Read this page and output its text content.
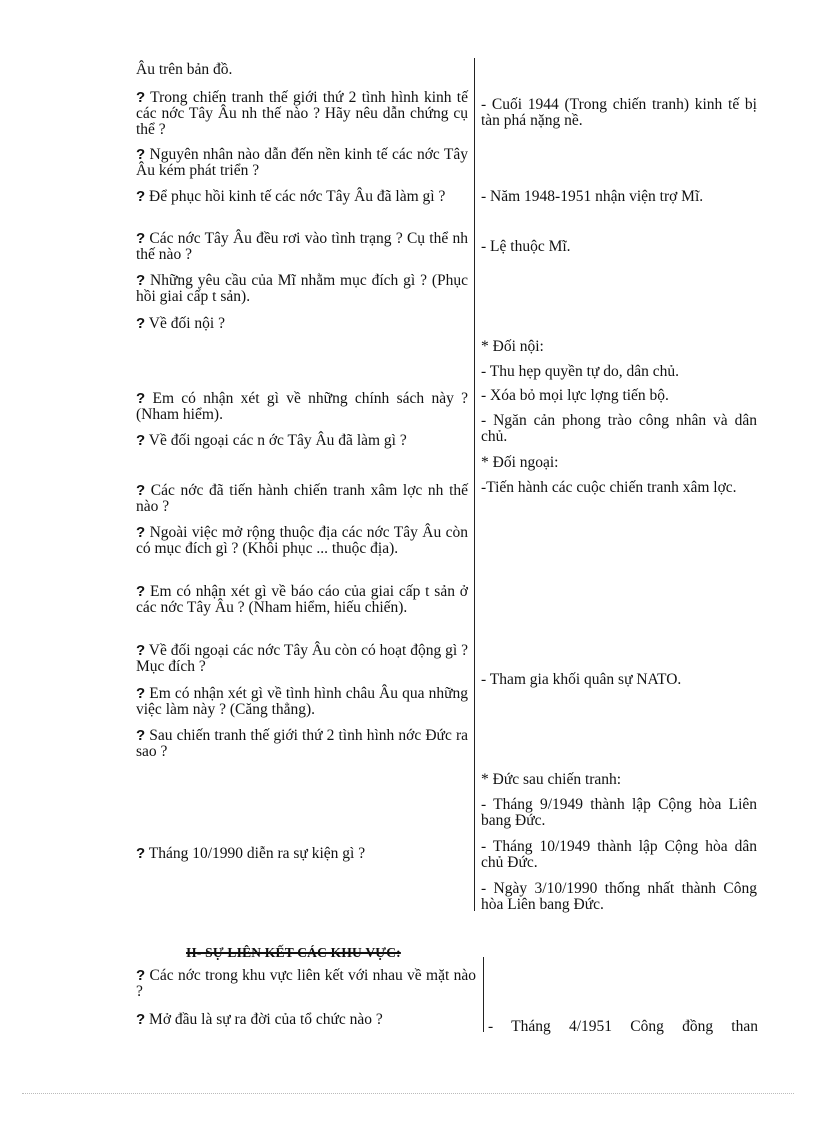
Âu trên bản đồ.

? Trong chiến tranh thế giới thứ 2 tình hình kinh tế các nớc Tây Âu nh thế nào ? Hãy nêu dẫn chứng cụ thể ?

? Nguyên nhân nào dẫn đến nền kinh tế các nớc Tây Âu kém phát triển ?

? Để phục hồi kinh tế các nớc Tây Âu đã làm gì ?

? Các nớc Tây Âu đều rơi vào tình trạng ? Cụ thể nh thế nào ?

? Những yêu cầu của Mĩ nhằm mục đích gì ? (Phục hồi giai cấp t sản).

? Về đối nội ?

? Em có nhận xét gì về những chính sách này ? (Nham hiểm).

? Về đối ngoại các n ớc Tây Âu đã làm gì ?

? Các nớc đã tiến hành chiến tranh xâm lợc nh thế nào ?

? Ngoài việc mở rộng thuộc địa các nớc Tây Âu còn có mục đích gì ? (Khôi phục ... thuộc địa).

? Em có nhận xét gì về báo cáo của giai cấp t sản ở các nớc Tây Âu ? (Nham hiểm, hiếu chiến).

? Về đối ngoại các nớc Tây Âu còn có hoạt động gì ? Mục đích ?

? Em có nhận xét gì về tình hình châu Âu qua những việc làm này ? (Căng thẳng).

? Sau chiến tranh thế giới thứ 2 tình hình nớc Đức ra sao ?

? Tháng 10/1990 diễn ra sự kiện gì ?

- Cuối 1944 (Trong chiến tranh) kinh tế bị tàn phá nặng nề.

- Năm 1948-1951 nhận viện trợ Mĩ.

- Lệ thuộc Mĩ.

* Đối nội:

- Thu hẹp quyền tự do, dân chủ.

- Xóa bỏ mọi lực lợng tiến bộ.

- Ngăn cản phong trào công nhân và dân chủ.

* Đối ngoại:

-Tiến hành các cuộc chiến tranh xâm lợc.

- Tham gia khối quân sự NATO.

* Đức sau chiến tranh:

- Tháng 9/1949 thành lập Cộng hòa Liên bang Đức.

- Tháng 10/1949 thành lập Cộng hòa dân chủ Đức.

- Ngày 3/10/1990 thống nhất thành Công hòa Liên bang Đức.

II- SỰ LIÊN KẾT CÁC KHU VỰC:

? Các nớc trong khu vực liên kết với nhau về mặt nào ?

? Mở đầu là sự ra đời của tổ chức nào ?	- Tháng 4/1951 Công đồng than
